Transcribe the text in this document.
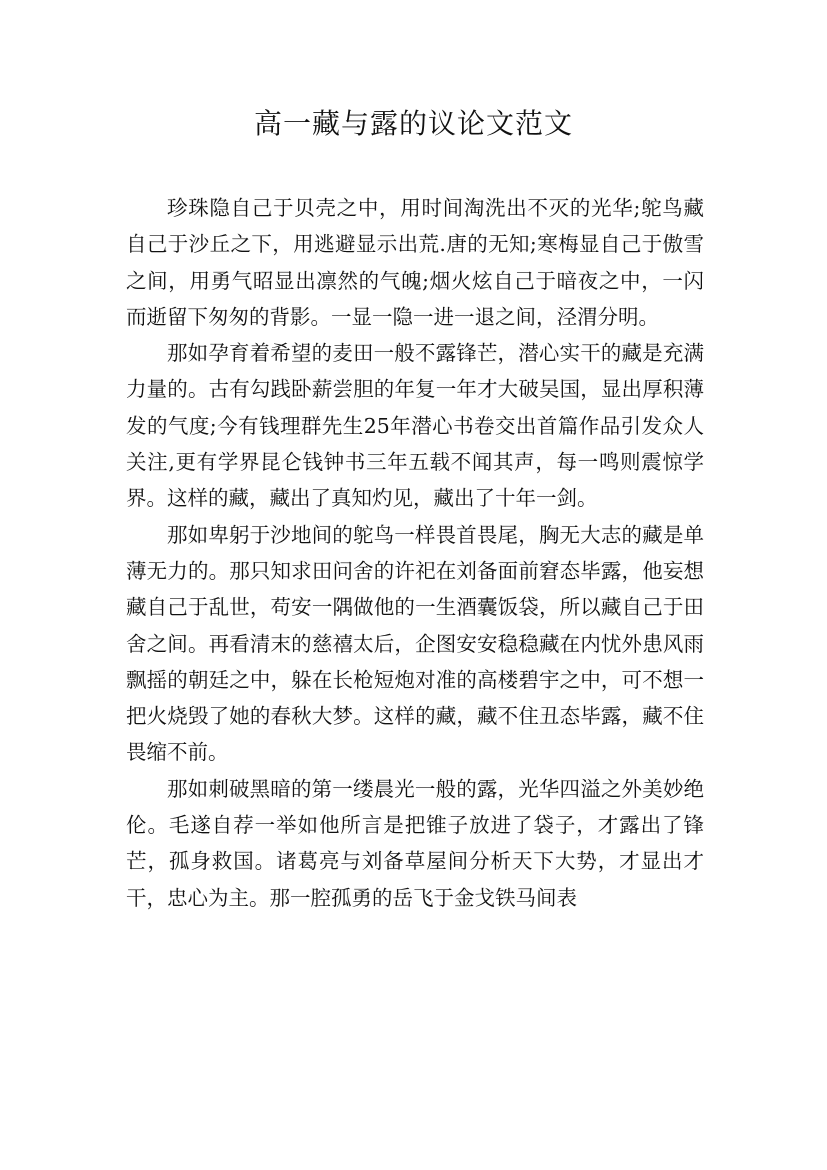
高一藏与露的议论文范文

珍珠隐自己于贝壳之中，用时间淘洗出不灭的光华;鸵鸟藏自己于沙丘之下，用逃避显示出荒.唐的无知;寒梅显自己于傲雪之间，用勇气昭显出凛然的气魄;烟火炫自己于暗夜之中，一闪而逝留下匆匆的背影。一显一隐一进一退之间，泾渭分明。

那如孕育着希望的麦田一般不露锋芒，潜心实干的藏是充满力量的。古有勾践卧薪尝胆的年复一年才大破吴国，显出厚积薄发的气度;今有钱理群先生25年潜心书卷交出首篇作品引发众人关注,更有学界昆仑钱钟书三年五载不闻其声，每一鸣则震惊学界。这样的藏，藏出了真知灼见，藏出了十年一剑。

那如卑躬于沙地间的鸵鸟一样畏首畏尾，胸无大志的藏是单薄无力的。那只知求田问舍的许祀在刘备面前窘态毕露，他妄想藏自己于乱世，苟安一隅做他的一生酒囊饭袋，所以藏自己于田舍之间。再看清末的慈禧太后，企图安安稳稳藏在内忧外患风雨飘摇的朝廷之中，躲在长枪短炮对准的高楼碧宇之中，可不想一把火烧毁了她的春秋大梦。这样的藏，藏不住丑态毕露，藏不住畏缩不前。

那如刺破黑暗的第一缕晨光一般的露，光华四溢之外美妙绝伦。毛遂自荐一举如他所言是把锥子放进了袋子，才露出了锋芒，孤身救国。诸葛亮与刘备草屋间分析天下大势，才显出才干，忠心为主。那一腔孤勇的岳飞于金戈铁马间表
